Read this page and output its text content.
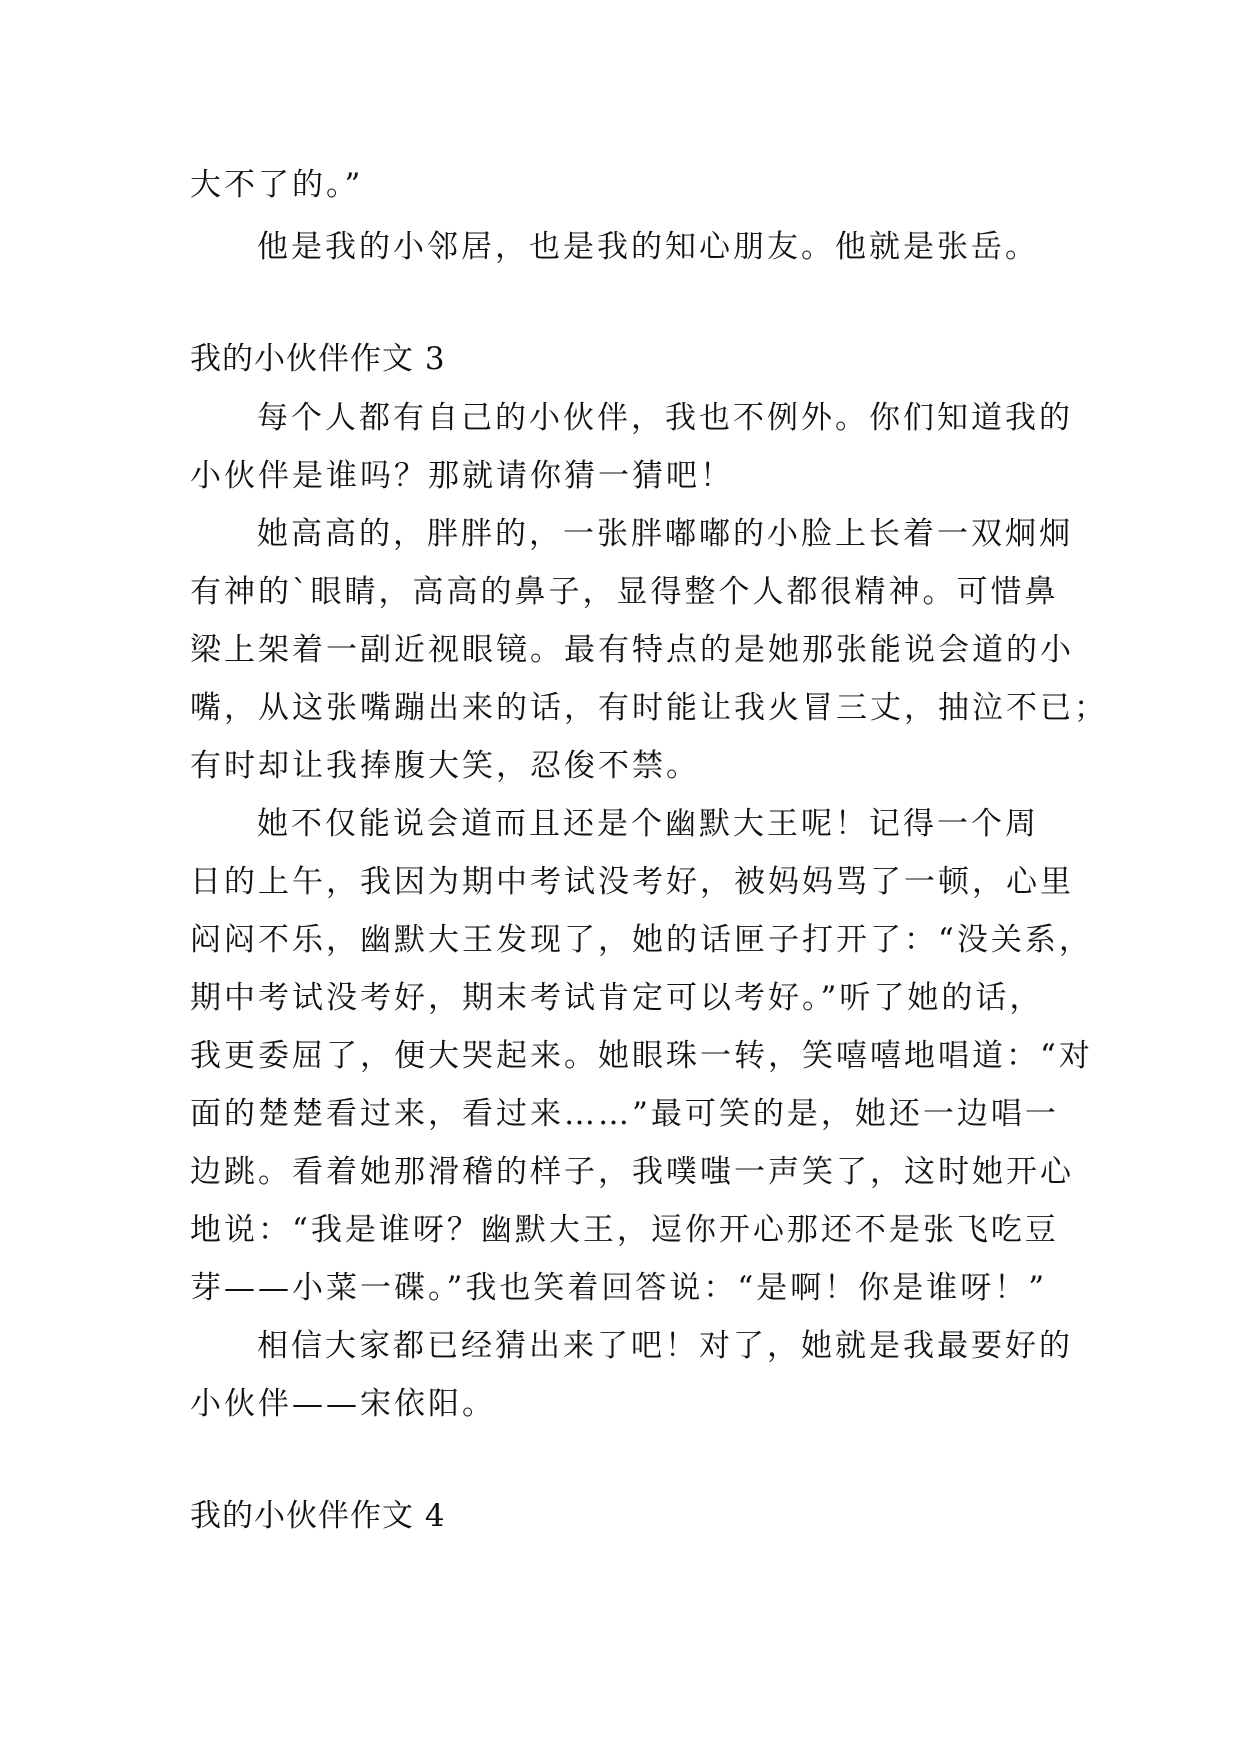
大不了的。”
他是我的小邻居，也是我的知心朋友。他就是张岳。
我的小伙伴作文 3
每个人都有自己的小伙伴，我也不例外。你们知道我的
小伙伴是谁吗？那就请你猜一猜吧！
她高高的，胖胖的，一张胖嘟嘟的小脸上长着一双炯炯
有神的`眼睛，高高的鼻子，显得整个人都很精神。可惜鼻
梁上架着一副近视眼镜。最有特点的是她那张能说会道的小
嘴，从这张嘴蹦出来的话，有时能让我火冒三丈，抽泣不已；
有时却让我捧腹大笑，忍俊不禁。
她不仅能说会道而且还是个幽默大王呢！记得一个周
日的上午，我因为期中考试没考好，被妈妈骂了一顿，心里
闷闷不乐，幽默大王发现了，她的话匣子打开了：“没关系，
期中考试没考好，期末考试肯定可以考好。”听了她的话，
我更委屈了，便大哭起来。她眼珠一转，笑嘻嘻地唱道：“对
面的楚楚看过来，看过来……”最可笑的是，她还一边唱一
边跳。看着她那滑稽的样子，我噗嗤一声笑了，这时她开心
地说：“我是谁呀？幽默大王，逗你开心那还不是张飞吃豆
芽——小菜一碟。”我也笑着回答说：“是啊！你是谁呀！”
相信大家都已经猜出来了吧！对了，她就是我最要好的
小伙伴——宋依阳。
我的小伙伴作文 4
